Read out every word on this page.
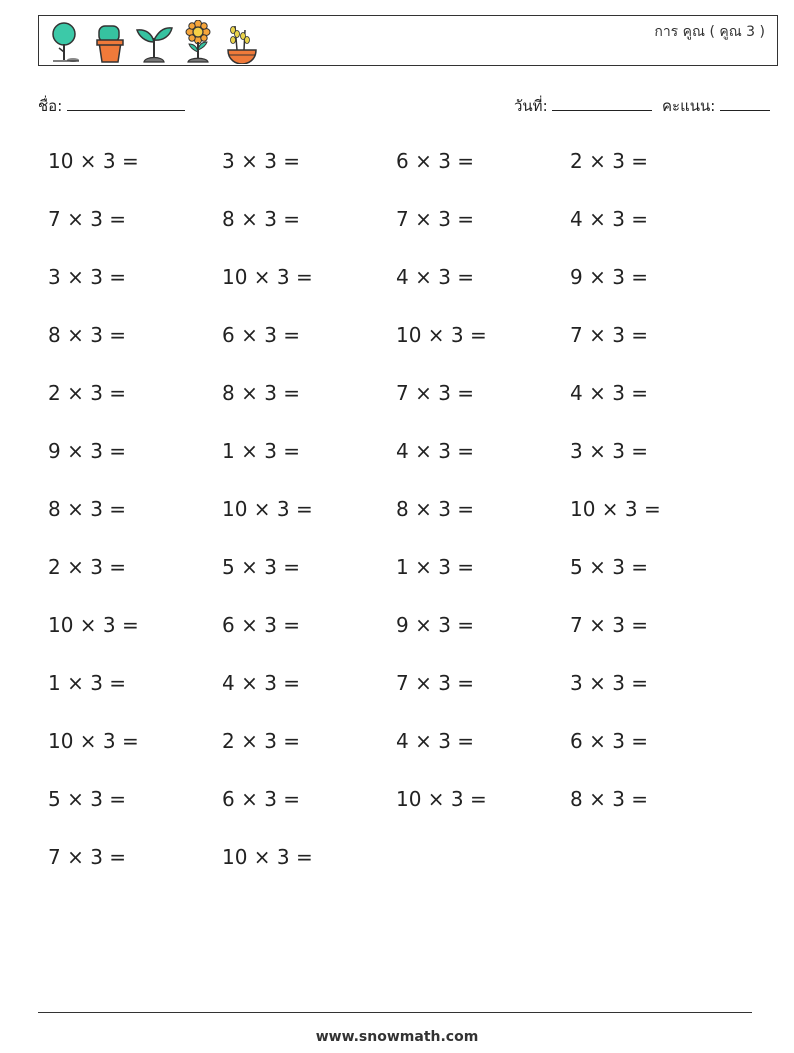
การ คูณ ( คูณ 3 )
ชื่อ:	วันที่:	คะแนน:
10 × 3 =	3 × 3 =	6 × 3 =	2 × 3 =
7 × 3 =	8 × 3 =	7 × 3 =	4 × 3 =
3 × 3 =	10 × 3 =	4 × 3 =	9 × 3 =
8 × 3 =	6 × 3 =	10 × 3 =	7 × 3 =
2 × 3 =	8 × 3 =	7 × 3 =	4 × 3 =
9 × 3 =	1 × 3 =	4 × 3 =	3 × 3 =
8 × 3 =	10 × 3 =	8 × 3 =	10 × 3 =
2 × 3 =	5 × 3 =	1 × 3 =	5 × 3 =
10 × 3 =	6 × 3 =	9 × 3 =	7 × 3 =
1 × 3 =	4 × 3 =	7 × 3 =	3 × 3 =
10 × 3 =	2 × 3 =	4 × 3 =	6 × 3 =
5 × 3 =	6 × 3 =	10 × 3 =	8 × 3 =
7 × 3 =	10 × 3 =
www.snowmath.com
